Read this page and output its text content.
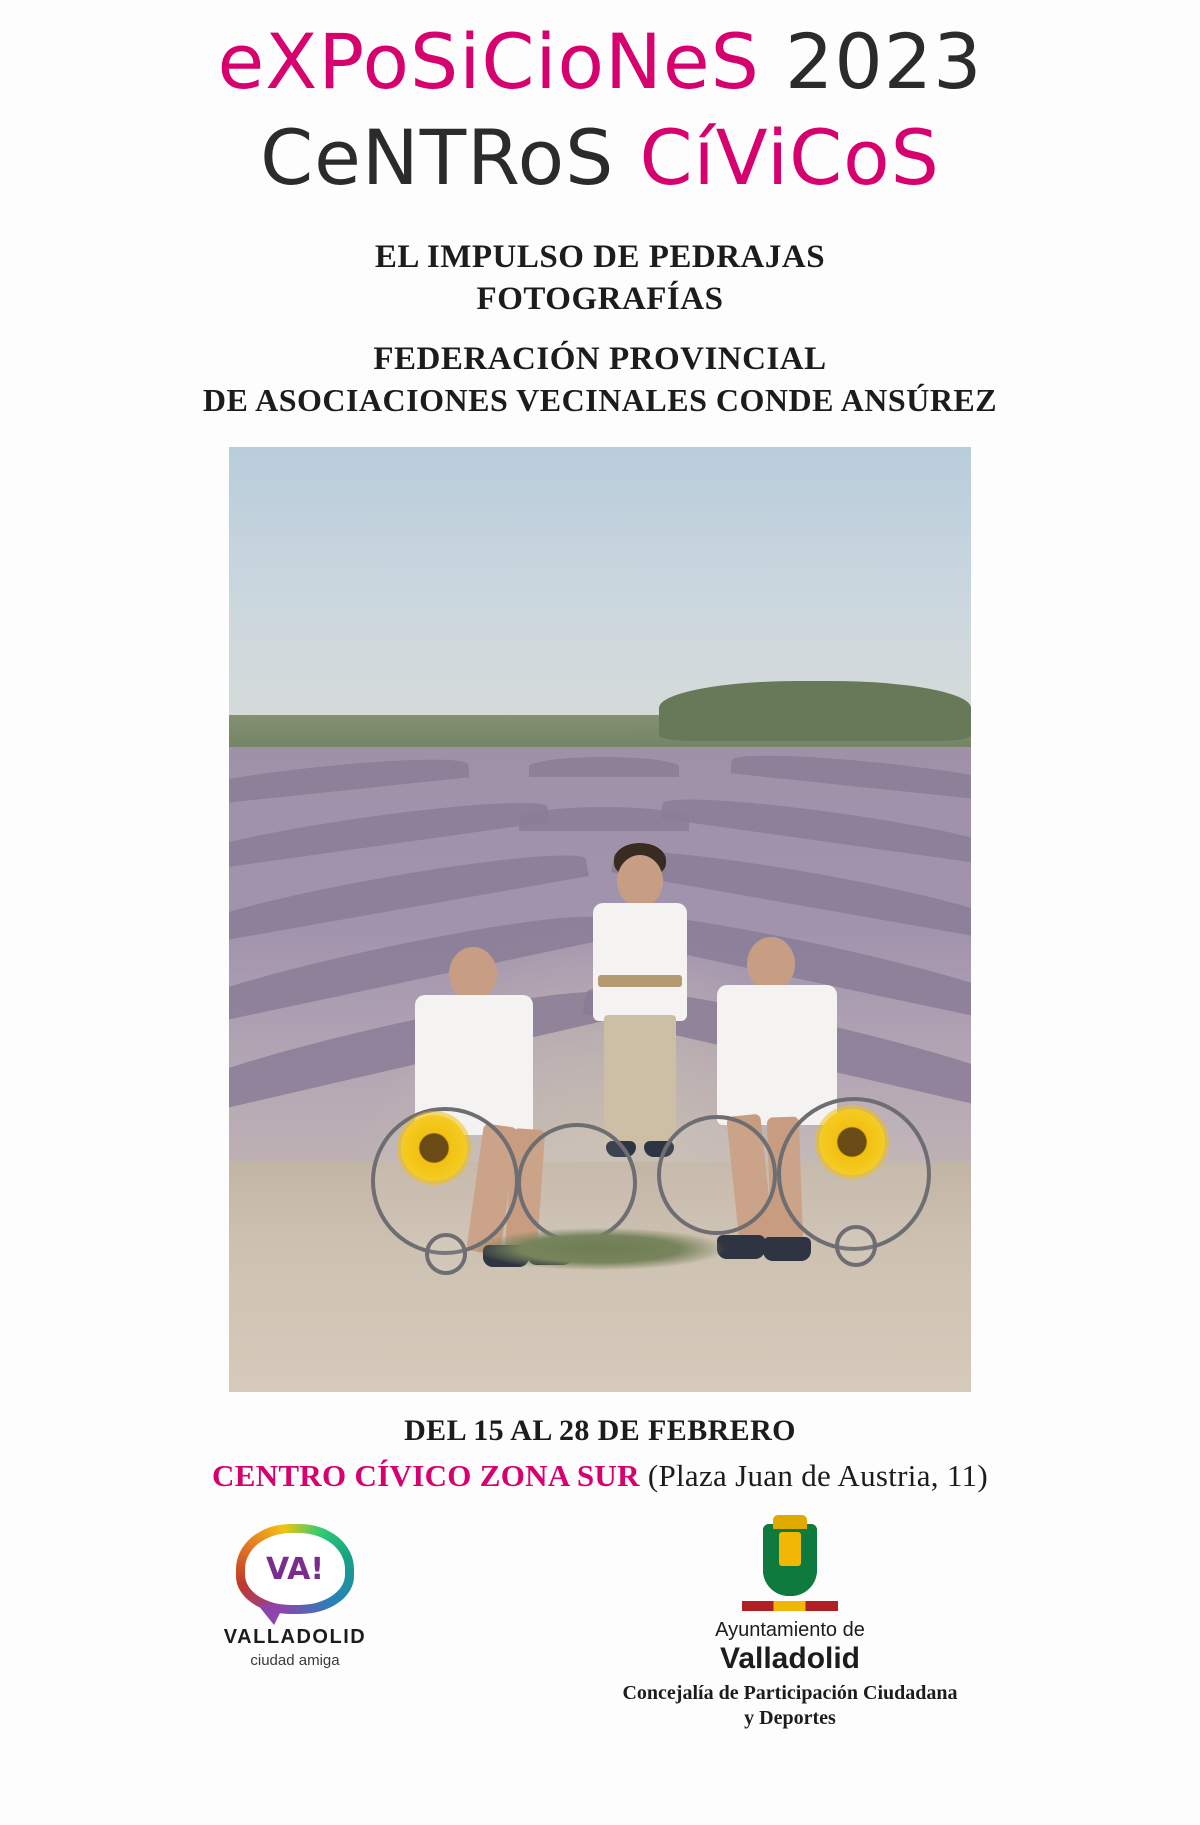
eXPoSiCioNeS 2023
CeNTRoS CíViCoS
EL IMPULSO DE PEDRAJAS
FOTOGRAFÍAS
FEDERACIÓN PROVINCIAL
DE ASOCIACIONES VECINALES CONDE ANSÚREZ
DEL 15 AL 28 DE FEBRERO
CENTRO CÍVICO ZONA SUR (Plaza Juan de Austria, 11)
VA!
VALLADOLID
ciudad amiga
Ayuntamiento de
Valladolid
Concejalía de Participación Ciudadana
y Deportes
